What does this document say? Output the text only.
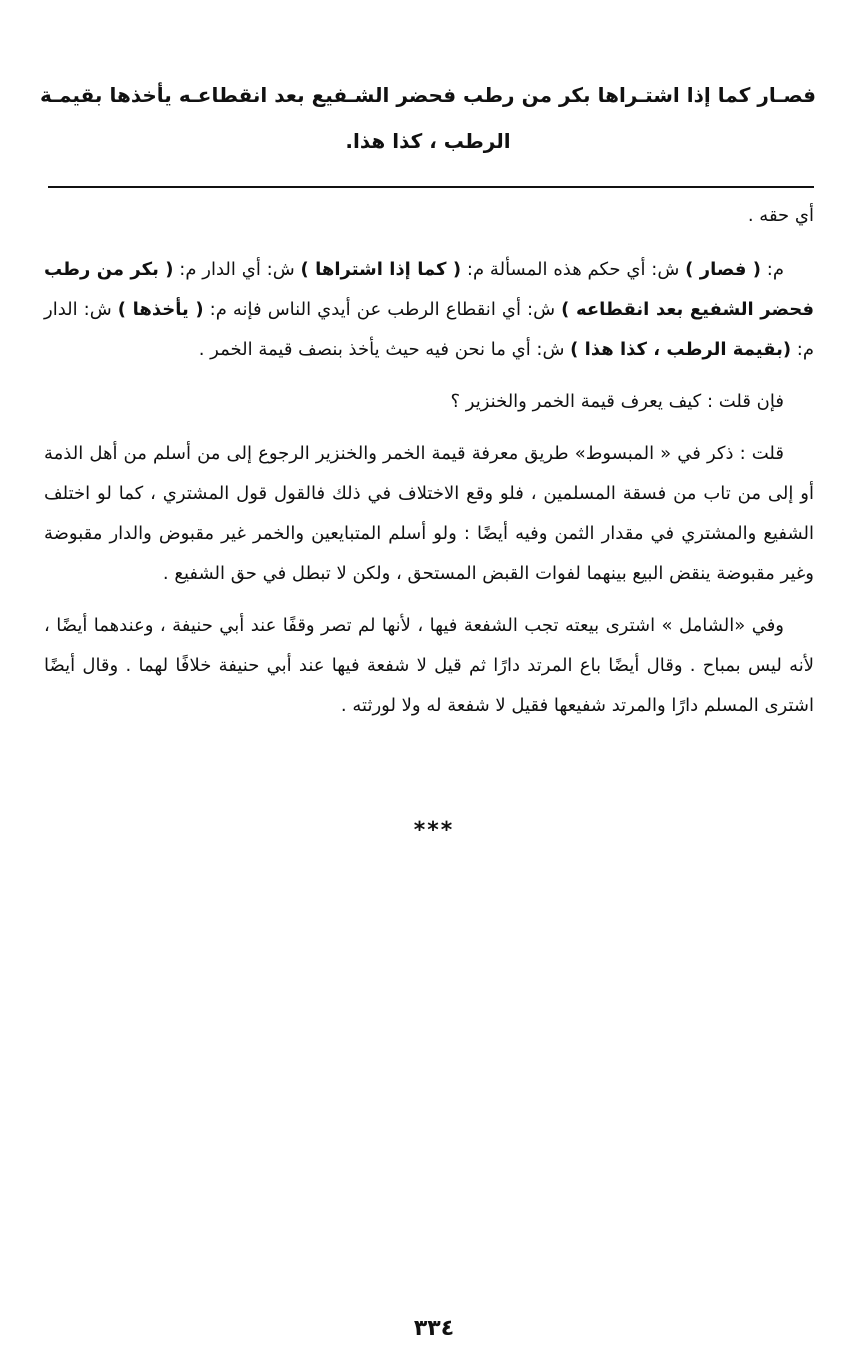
فصـار كما إذا اشتـراها بكر من رطب فحضر الشـفيع بعد انقطاعـه يأخذها بقيمـة الرطب ، كذا هذا.

أي حقه .

م: ( فصار ) ش: أي حكم هذه المسألة م: ( كما إذا اشتراها ) ش: أي الدار م: ( بكر من رطب فحضر الشفيع بعد انقطاعه ) ش: أي انقطاع الرطب عن أيدي الناس فإنه م: ( يأخذها ) ش: الدار م: (بقيمة الرطب ، كذا هذا ) ش: أي ما نحن فيه حيث يأخذ بنصف قيمة الخمر .

فإن قلت : كيف يعرف قيمة الخمر والخنزير ؟

قلت : ذكر في « المبسوط» طريق معرفة قيمة الخمر والخنزير الرجوع إلى من أسلم من أهل الذمة أو إلى من تاب من فسقة المسلمين ، فلو وقع الاختلاف في ذلك فالقول قول المشتري ، كما لو اختلف الشفيع والمشتري في مقدار الثمن وفيه أيضًا : ولو أسلم المتبايعين والخمر غير مقبوض والدار مقبوضة وغير مقبوضة ينقض البيع بينهما لفوات القبض المستحق ، ولكن لا تبطل في حق الشفيع .

وفي «الشامل » اشترى بيعته تجب الشفعة فيها ، لأنها لم تصر وقفًا عند أبي حنيفة ، وعندهما أيضًا ، لأنه ليس بمباح . وقال أيضًا باع المرتد دارًا ثم قيل لا شفعة فيها عند أبي حنيفة خلافًا لهما . وقال أيضًا اشترى المسلم دارًا والمرتد شفيعها فقيل لا شفعة له ولا لورثته .

***
٣٣٤
